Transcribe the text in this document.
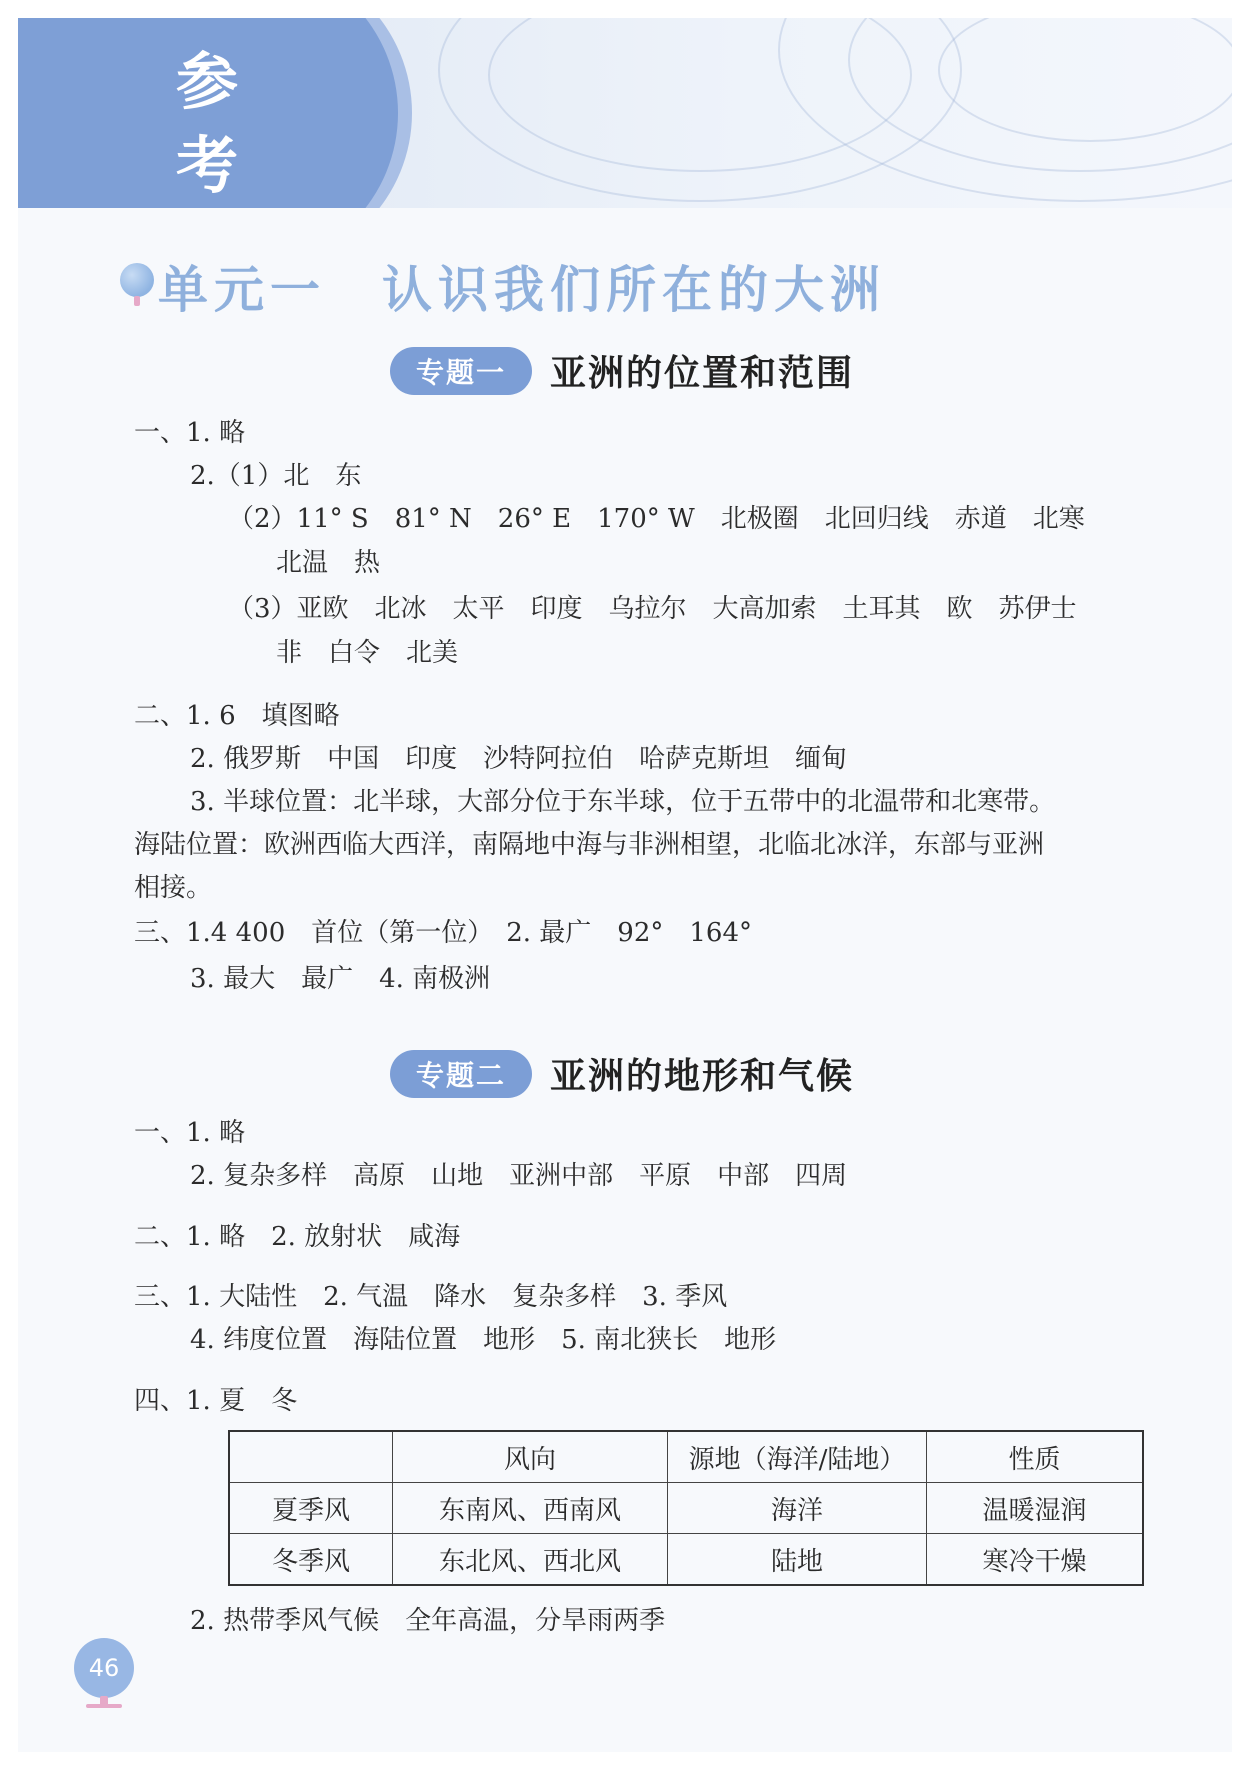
参考
单元一　认识我们所在的大洲
专题一	亚洲的位置和范围
一、1. 略
2.（1）北　东
（2）11° S　81° N　26° E　170° W　北极圈　北回归线　赤道　北寒
北温　热
（3）亚欧　北冰　太平　印度　乌拉尔　大高加索　土耳其　欧　苏伊士
非　白令　北美
二、1. 6　填图略
2. 俄罗斯　中国　印度　沙特阿拉伯　哈萨克斯坦　缅甸
3. 半球位置：北半球，大部分位于东半球，位于五带中的北温带和北寒带。
海陆位置：欧洲西临大西洋，南隔地中海与非洲相望，北临北冰洋，东部与亚洲
相接。
三、1.4 400　首位（第一位）　2. 最广　92°　164°
3. 最大　最广　4. 南极洲
专题二	亚洲的地形和气候
一、1. 略
2. 复杂多样　高原　山地　亚洲中部　平原　中部　四周
二、1. 略　2. 放射状　咸海
三、1. 大陆性　2. 气温　降水　复杂多样　3. 季风
4. 纬度位置　海陆位置　地形　5. 南北狭长　地形
四、1. 夏　冬
	风向	源地（海洋/陆地）	性质
夏季风	东南风、西南风	海洋	温暖湿润
冬季风	东北风、西北风	陆地	寒冷干燥
2. 热带季风气候　全年高温，分旱雨两季
46
